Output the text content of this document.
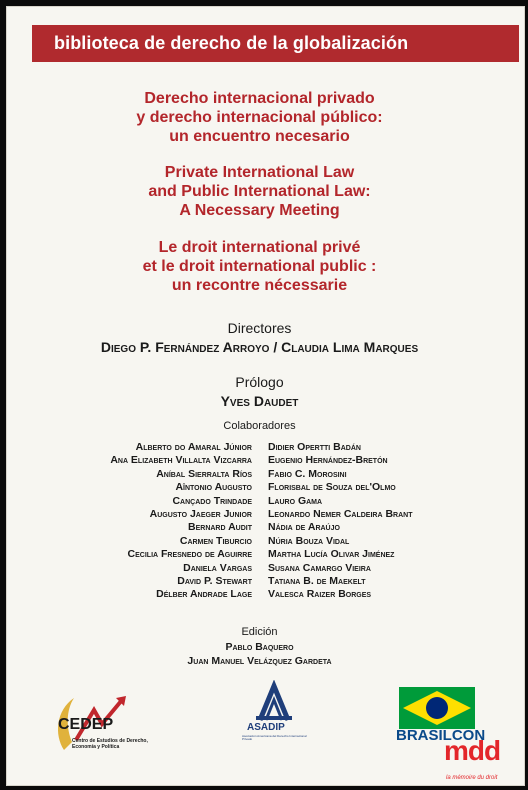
biblioteca de derecho de la globalización
Derecho internacional privado
y derecho internacional público:
un encuentro necesario
Private International Law
and Public International Law:
A Necessary Meeting
Le droit international privé
et le droit international public :
un recontre nécessarie
Directores
Diego P. Fernández Arroyo / Claudia Lima Marques
Prólogo
Yves Daudet
Colaboradores
Alberto do Amaral Júnior
Ana Elizabeth Villalta Vizcarra
Aníbal Sierralta Ríos
Aîntonio Augusto
Cançado Trindade
Augusto Jaeger Junior
Bernard Audit
Carmen Tiburcio
Cecilia Fresnedo de Aguirre
Daniela Vargas
David P. Stewart
Délber Andrade Lage
Didier Opertti Badán
Eugenio Hernández-Bretón
Fabio C. Morosini
Florisbal de Souza del'Olmo
Lauro Gama
Leonardo Nemer Caldeira Brant
Nádia de Araújo
Núria Bouza Vidal
Martha Lucía Olivar Jiménez
Susana Camargo Vieira
Tatiana B. de Maekelt
Valesca Raizer Borges
Edición
Pablo Baquero
Juan Manuel Velázquez Gardeta
CEDEP
Centro de Estudios de Derecho,
Economía y Política
ASADIP
Asociación Americana del Derecho Internacional Privado	BRASILCON
mdd
la mémoire du droit
